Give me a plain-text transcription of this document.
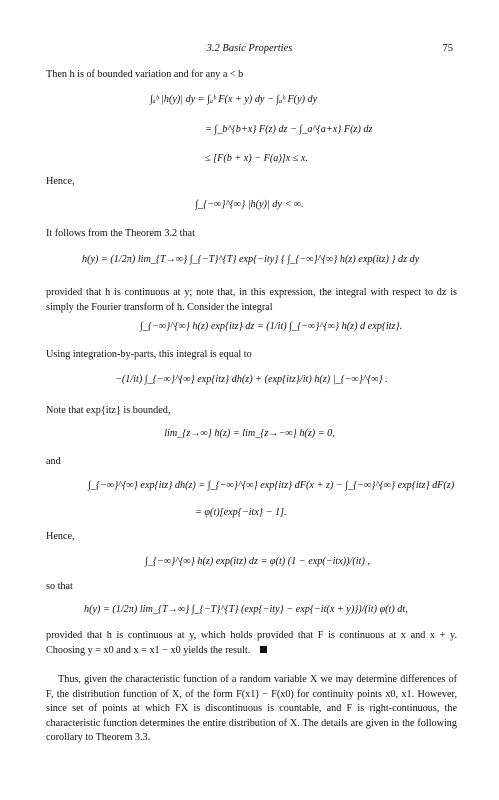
3.2 Basic Properties	75
Then h is of bounded variation and for any a < b
∫ₐᵇ |h(y)| dy = ∫ₐᵇ F(x + y) dy − ∫ₐᵇ F(y) dy
= ∫_b^{b+x} F(z) dz − ∫_a^{a+x} F(z) dz
≤ [F(b + x) − F(a)]x ≤ x.
Hence,
∫_{−∞}^{∞} |h(y)| dy < ∞.
It follows from the Theorem 3.2 that
h(y) = (1/2π) lim_{T→∞} ∫_{−T}^{T} exp{−ity} { ∫_{−∞}^{∞} h(z) exp(itz) } dz dy
provided that h is continuous at y; note that, in this expression, the integral with respect to dz is simply the Fourier transform of h. Consider the integral
∫_{−∞}^{∞} h(z) exp{itz} dz = (1/it) ∫_{−∞}^{∞} h(z) d exp{itz}.
Using integration-by-parts, this integral is equal to
−(1/it) ∫_{−∞}^{∞} exp{itz} dh(z) + (exp{itz}/it) h(z) |_{−∞}^{∞} .
Note that exp{itz} is bounded,
lim_{z→∞} h(z) = lim_{z→−∞} h(z) = 0,
and
∫_{−∞}^{∞} exp{itz} dh(z) = ∫_{−∞}^{∞} exp{itz} dF(x + z) − ∫_{−∞}^{∞} exp{itz} dF(z)
= φ(t)[exp{−itx} − 1].
Hence,
∫_{−∞}^{∞} h(z) exp(itz) dz = φ(t) (1 − exp(−itx))/(it) ,
so that
h(y) = (1/2π) lim_{T→∞} ∫_{−T}^{T} (exp{−ity} − exp{−it(x + y)})/(it) φ(t) dt,
provided that h is continuous at y, which holds provided that F is continuous at x and x + y. Choosing y = x0 and x = x1 − x0 yields the result.
Thus, given the characteristic function of a random variable X we may determine differences of F, the distribution function of X, of the form F(x1) − F(x0) for continuity points x0, x1. However, since set of points at which FX is discontinuous is countable, and F is right-continuous, the characteristic function determines the entire distribution of X. The details are given in the following corollary to Theorem 3.3.
